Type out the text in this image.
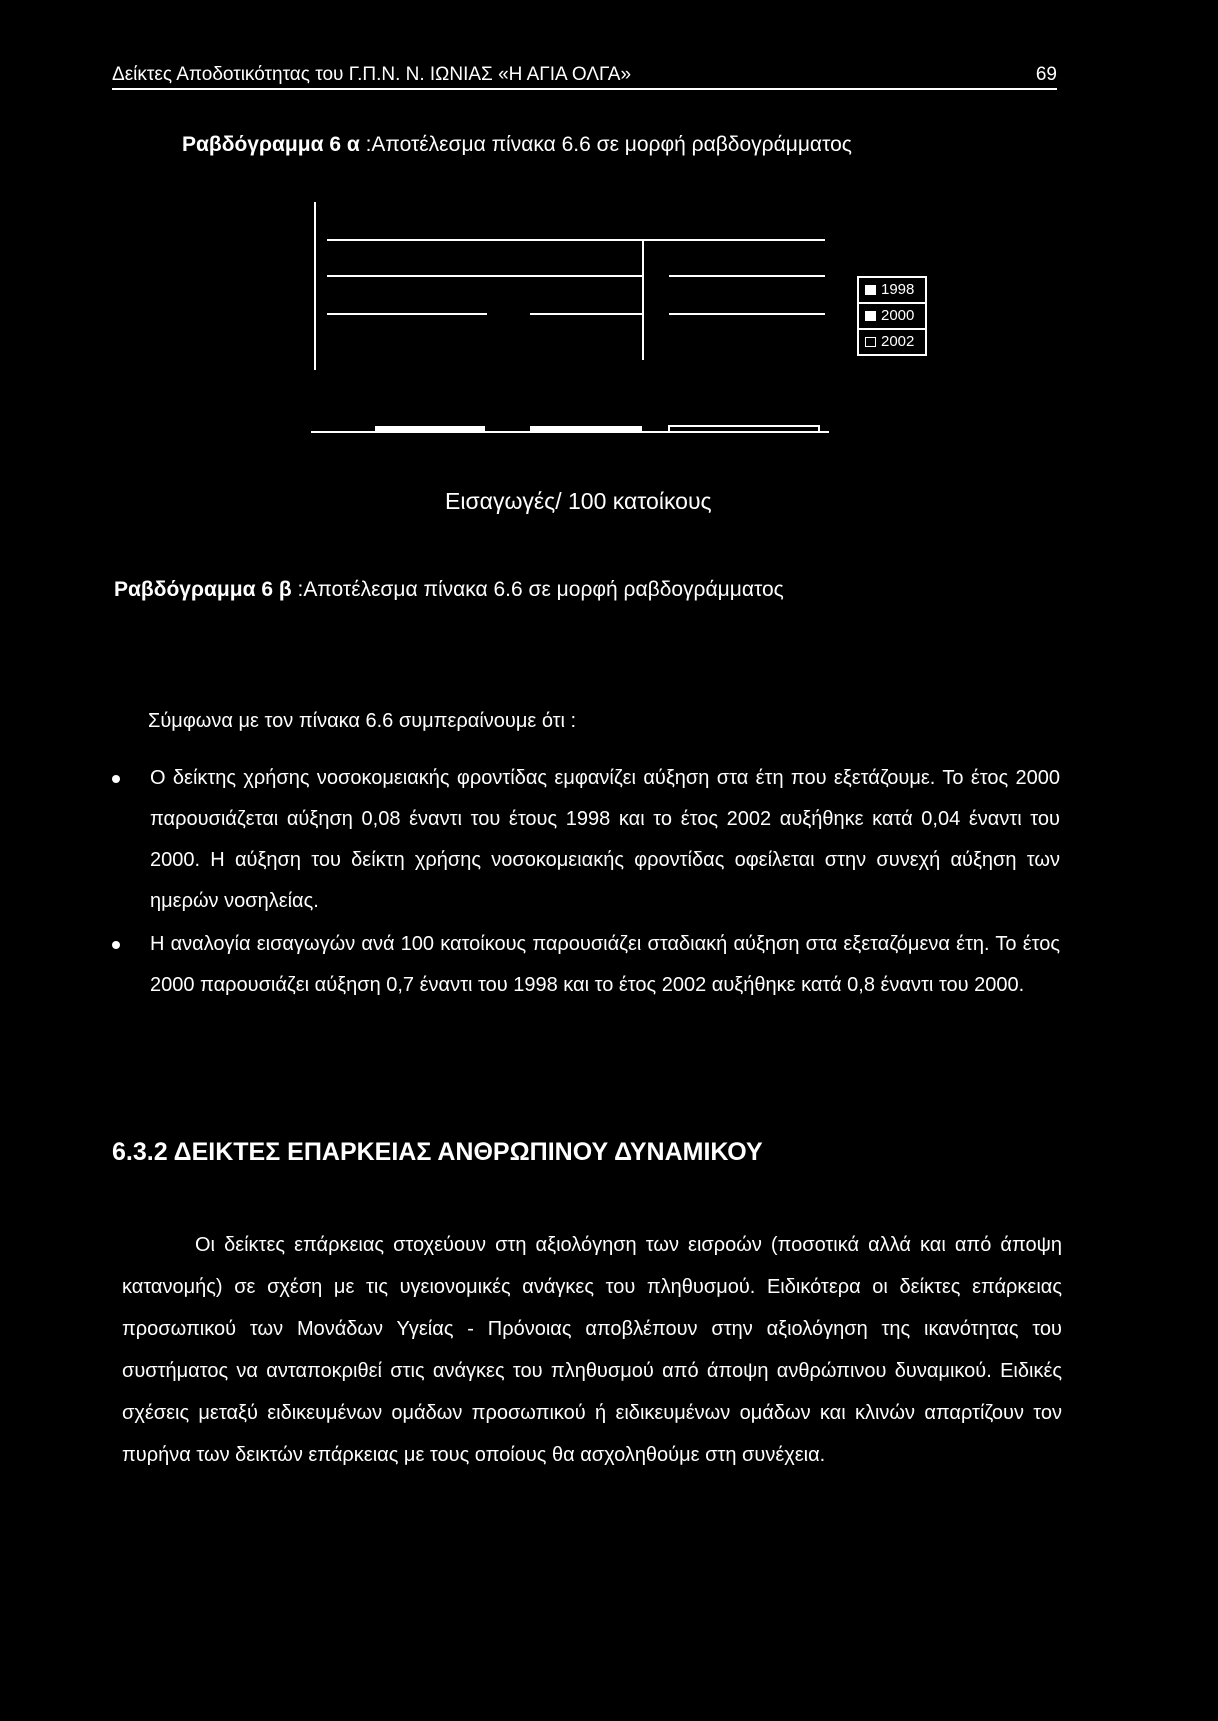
Δείκτες Αποδοτικότητας του Γ.Π.Ν. Ν. ΙΩΝΙΑΣ «Η ΑΓΙΑ ΟΛΓΑ»	69
Ραβδόγραμμα 6 α :Αποτέλεσμα πίνακα 6.6 σε μορφή ραβδογράμματος
1998
2000
2002
Εισαγωγές/ 100 κατοίκους
Ραβδόγραμμα 6 β :Αποτέλεσμα πίνακα 6.6 σε μορφή ραβδογράμματος
Σύμφωνα με τον πίνακα 6.6 συμπεραίνουμε ότι :
Ο δείκτης χρήσης νοσοκομειακής φροντίδας εμφανίζει αύξηση στα έτη που εξετάζουμε. Το έτος 2000 παρουσιάζεται αύξηση 0,08 έναντι του έτους 1998 και το έτος 2002 αυξήθηκε κατά 0,04 έναντι του 2000. Η αύξηση του δείκτη χρήσης νοσοκομειακής φροντίδας οφείλεται στην συνεχή αύξηση των ημερών νοσηλείας.
Η αναλογία εισαγωγών ανά 100 κατοίκους παρουσιάζει σταδιακή αύξηση στα εξεταζόμενα έτη. Το έτος 2000 παρουσιάζει αύξηση 0,7 έναντι του 1998 και το έτος 2002 αυξήθηκε κατά 0,8 έναντι του 2000.
6.3.2 ΔΕΙΚΤΕΣ ΕΠΑΡΚΕΙΑΣ ΑΝΘΡΩΠΙΝΟΥ ΔΥΝΑΜΙΚΟΥ

Οι δείκτες επάρκειας στοχεύουν στη αξιολόγηση των εισροών (ποσοτικά αλλά και από άποψη κατανομής) σε σχέση με τις υγειονομικές ανάγκες του πληθυσμού. Ειδικότερα οι δείκτες επάρκειας προσωπικού των Μονάδων Υγείας - Πρόνοιας αποβλέπουν στην αξιολόγηση της ικανότητας του συστήματος να ανταποκριθεί στις ανάγκες του πληθυσμού από άποψη ανθρώπινου δυναμικού. Ειδικές σχέσεις μεταξύ ειδικευμένων ομάδων προσωπικού ή ειδικευμένων ομάδων και κλινών απαρτίζουν τον πυρήνα των δεικτών επάρκειας με τους οποίους θα ασχοληθούμε στη συνέχεια.
